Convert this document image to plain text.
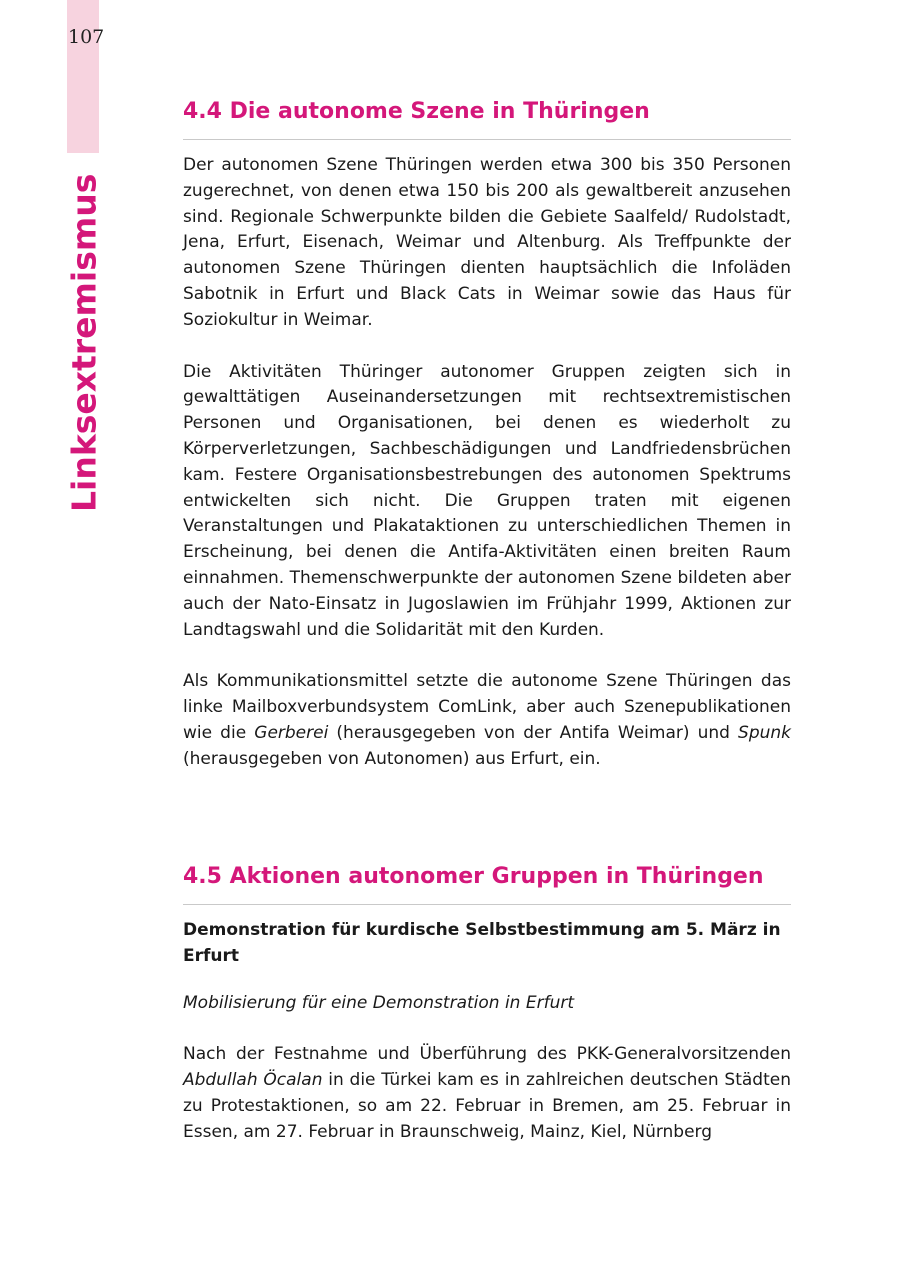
107
Linksextremismus
4.4 Die autonome Szene in Thüringen

Der autonomen Szene Thüringen werden etwa 300 bis 350 Personen zugerechnet, von denen etwa 150 bis 200 als gewaltbereit anzusehen sind. Regionale Schwerpunkte bilden die Gebiete Saalfeld/ Rudolstadt, Jena, Erfurt, Eisenach, Weimar und Altenburg. Als Treffpunkte der autonomen Szene Thüringen dienten hauptsächlich die Infoläden Sabotnik in Erfurt und Black Cats in Weimar sowie das Haus für Soziokultur in Weimar.

Die Aktivitäten Thüringer autonomer Gruppen zeigten sich in gewalttätigen Auseinandersetzungen mit rechtsextremistischen Personen und Organisationen, bei denen es wiederholt zu Körperverletzungen, Sachbeschädigungen und Landfriedensbrüchen kam. Festere Organisationsbestrebungen des autonomen Spektrums entwickelten sich nicht. Die Gruppen traten mit eigenen Veranstaltungen und Plakataktionen zu unterschiedlichen Themen in Erscheinung, bei denen die Antifa-Aktivitäten einen breiten Raum einnahmen. Themenschwerpunkte der autonomen Szene bildeten aber auch der Nato-Einsatz in Jugoslawien im Frühjahr 1999, Aktionen zur Landtagswahl und die Solidarität mit den Kurden.

Als Kommunikationsmittel setzte die autonome Szene Thüringen das linke Mailboxverbundsystem ComLink, aber auch Szenepublikationen wie die Gerberei (herausgegeben von der Antifa Weimar) und Spunk (herausgegeben von Autonomen) aus Erfurt, ein.

4.5 Aktionen autonomer Gruppen in Thüringen
Demonstration für kurdische Selbstbestimmung am 5. März in Erfurt

Mobilisierung für eine Demonstration in Erfurt

Nach der Festnahme und Überführung des PKK-Generalvorsitzenden Abdullah Öcalan in die Türkei kam es in zahlreichen deutschen Städten zu Protestaktionen, so am 22. Februar in Bremen, am 25. Februar in Essen, am 27. Februar in Braunschweig, Mainz, Kiel, Nürnberg
